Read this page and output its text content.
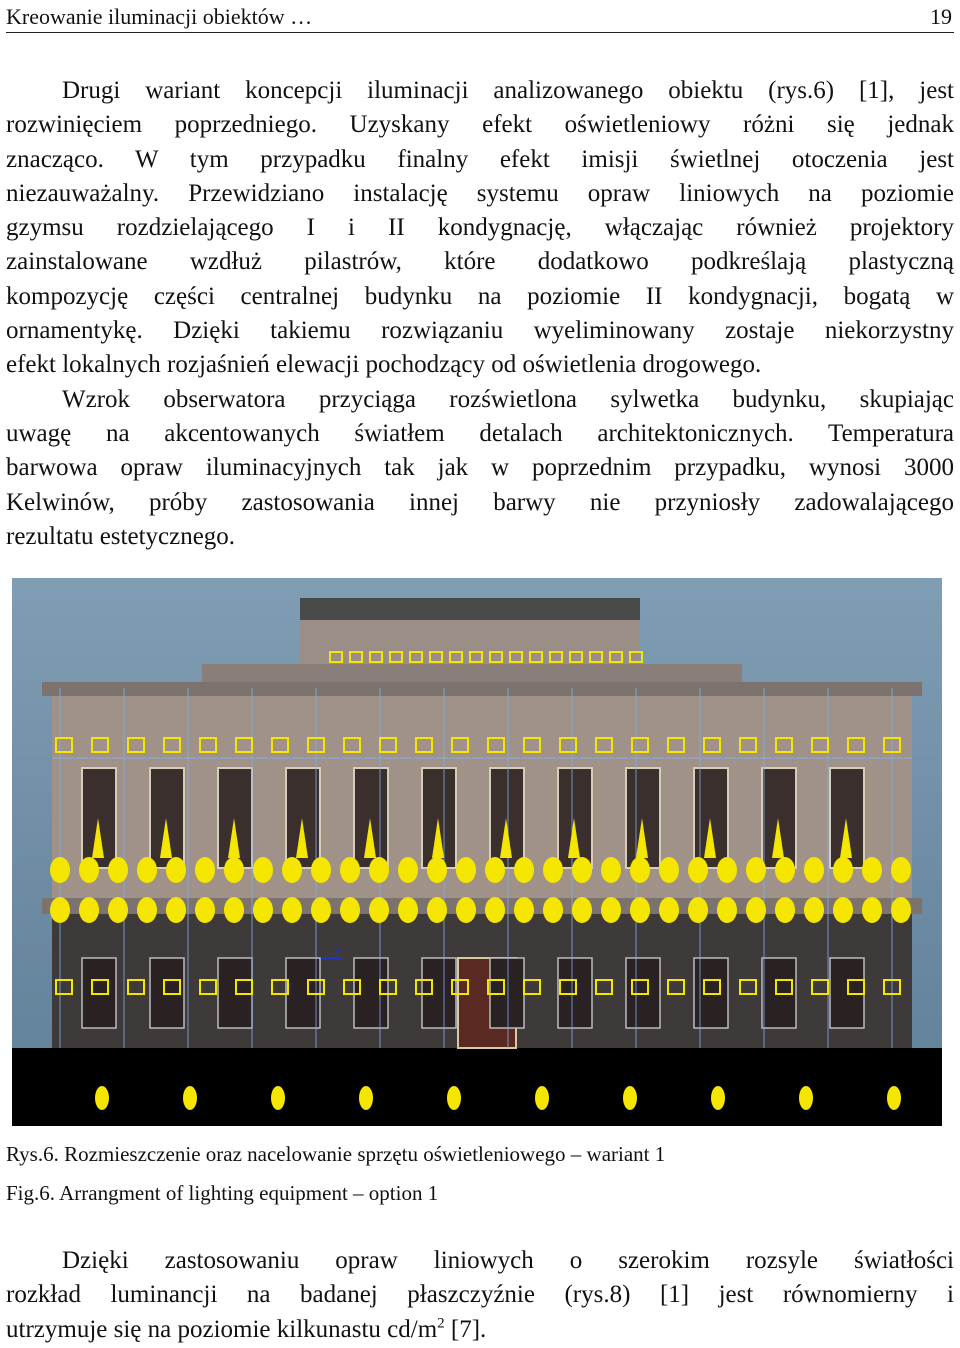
Kreowanie iluminacji obiektów …	19
Drugi wariant koncepcji iluminacji analizowanego obiektu (rys.6) [1], jest
rozwinięciem poprzedniego. Uzyskany efekt oświetleniowy różni się jednak
znacząco. W tym przypadku finalny efekt imisji świetlnej otoczenia jest
niezauważalny. Przewidziano instalację systemu opraw liniowych na poziomie
gzymsu rozdzielającego I i II kondygnację, włączając również projektory
zainstalowane wzdłuż pilastrów, które dodatkowo podkreślają plastyczną
kompozycję części centralnej budynku na poziomie II kondygnacji, bogatą w
ornamentykę. Dzięki takiemu rozwiązaniu wyeliminowany zostaje niekorzystny
efekt lokalnych rozjaśnień elewacji pochodzący od oświetlenia drogowego.
Wzrok obserwatora przyciąga rozświetlona sylwetka budynku, skupiając
uwagę na akcentowanych światłem detalach architektonicznych. Temperatura
barwowa opraw iluminacyjnych tak jak w poprzednim przypadku, wynosi 3000
Kelwinów, próby zastosowania innej barwy nie przyniosły zadowalającego
rezultatu estetycznego.
Z
Rys.6. Rozmieszczenie oraz nacelowanie sprzętu oświetleniowego – wariant 1
Fig.6. Arrangment of lighting equipment – option 1
Dzięki zastosowaniu opraw liniowych o szerokim rozsyle światłości
rozkład luminancji na badanej płaszczyźnie (rys.8) [1] jest równomierny i
utrzymuje się na poziomie kilkunastu $cd/m^2$ [7].
